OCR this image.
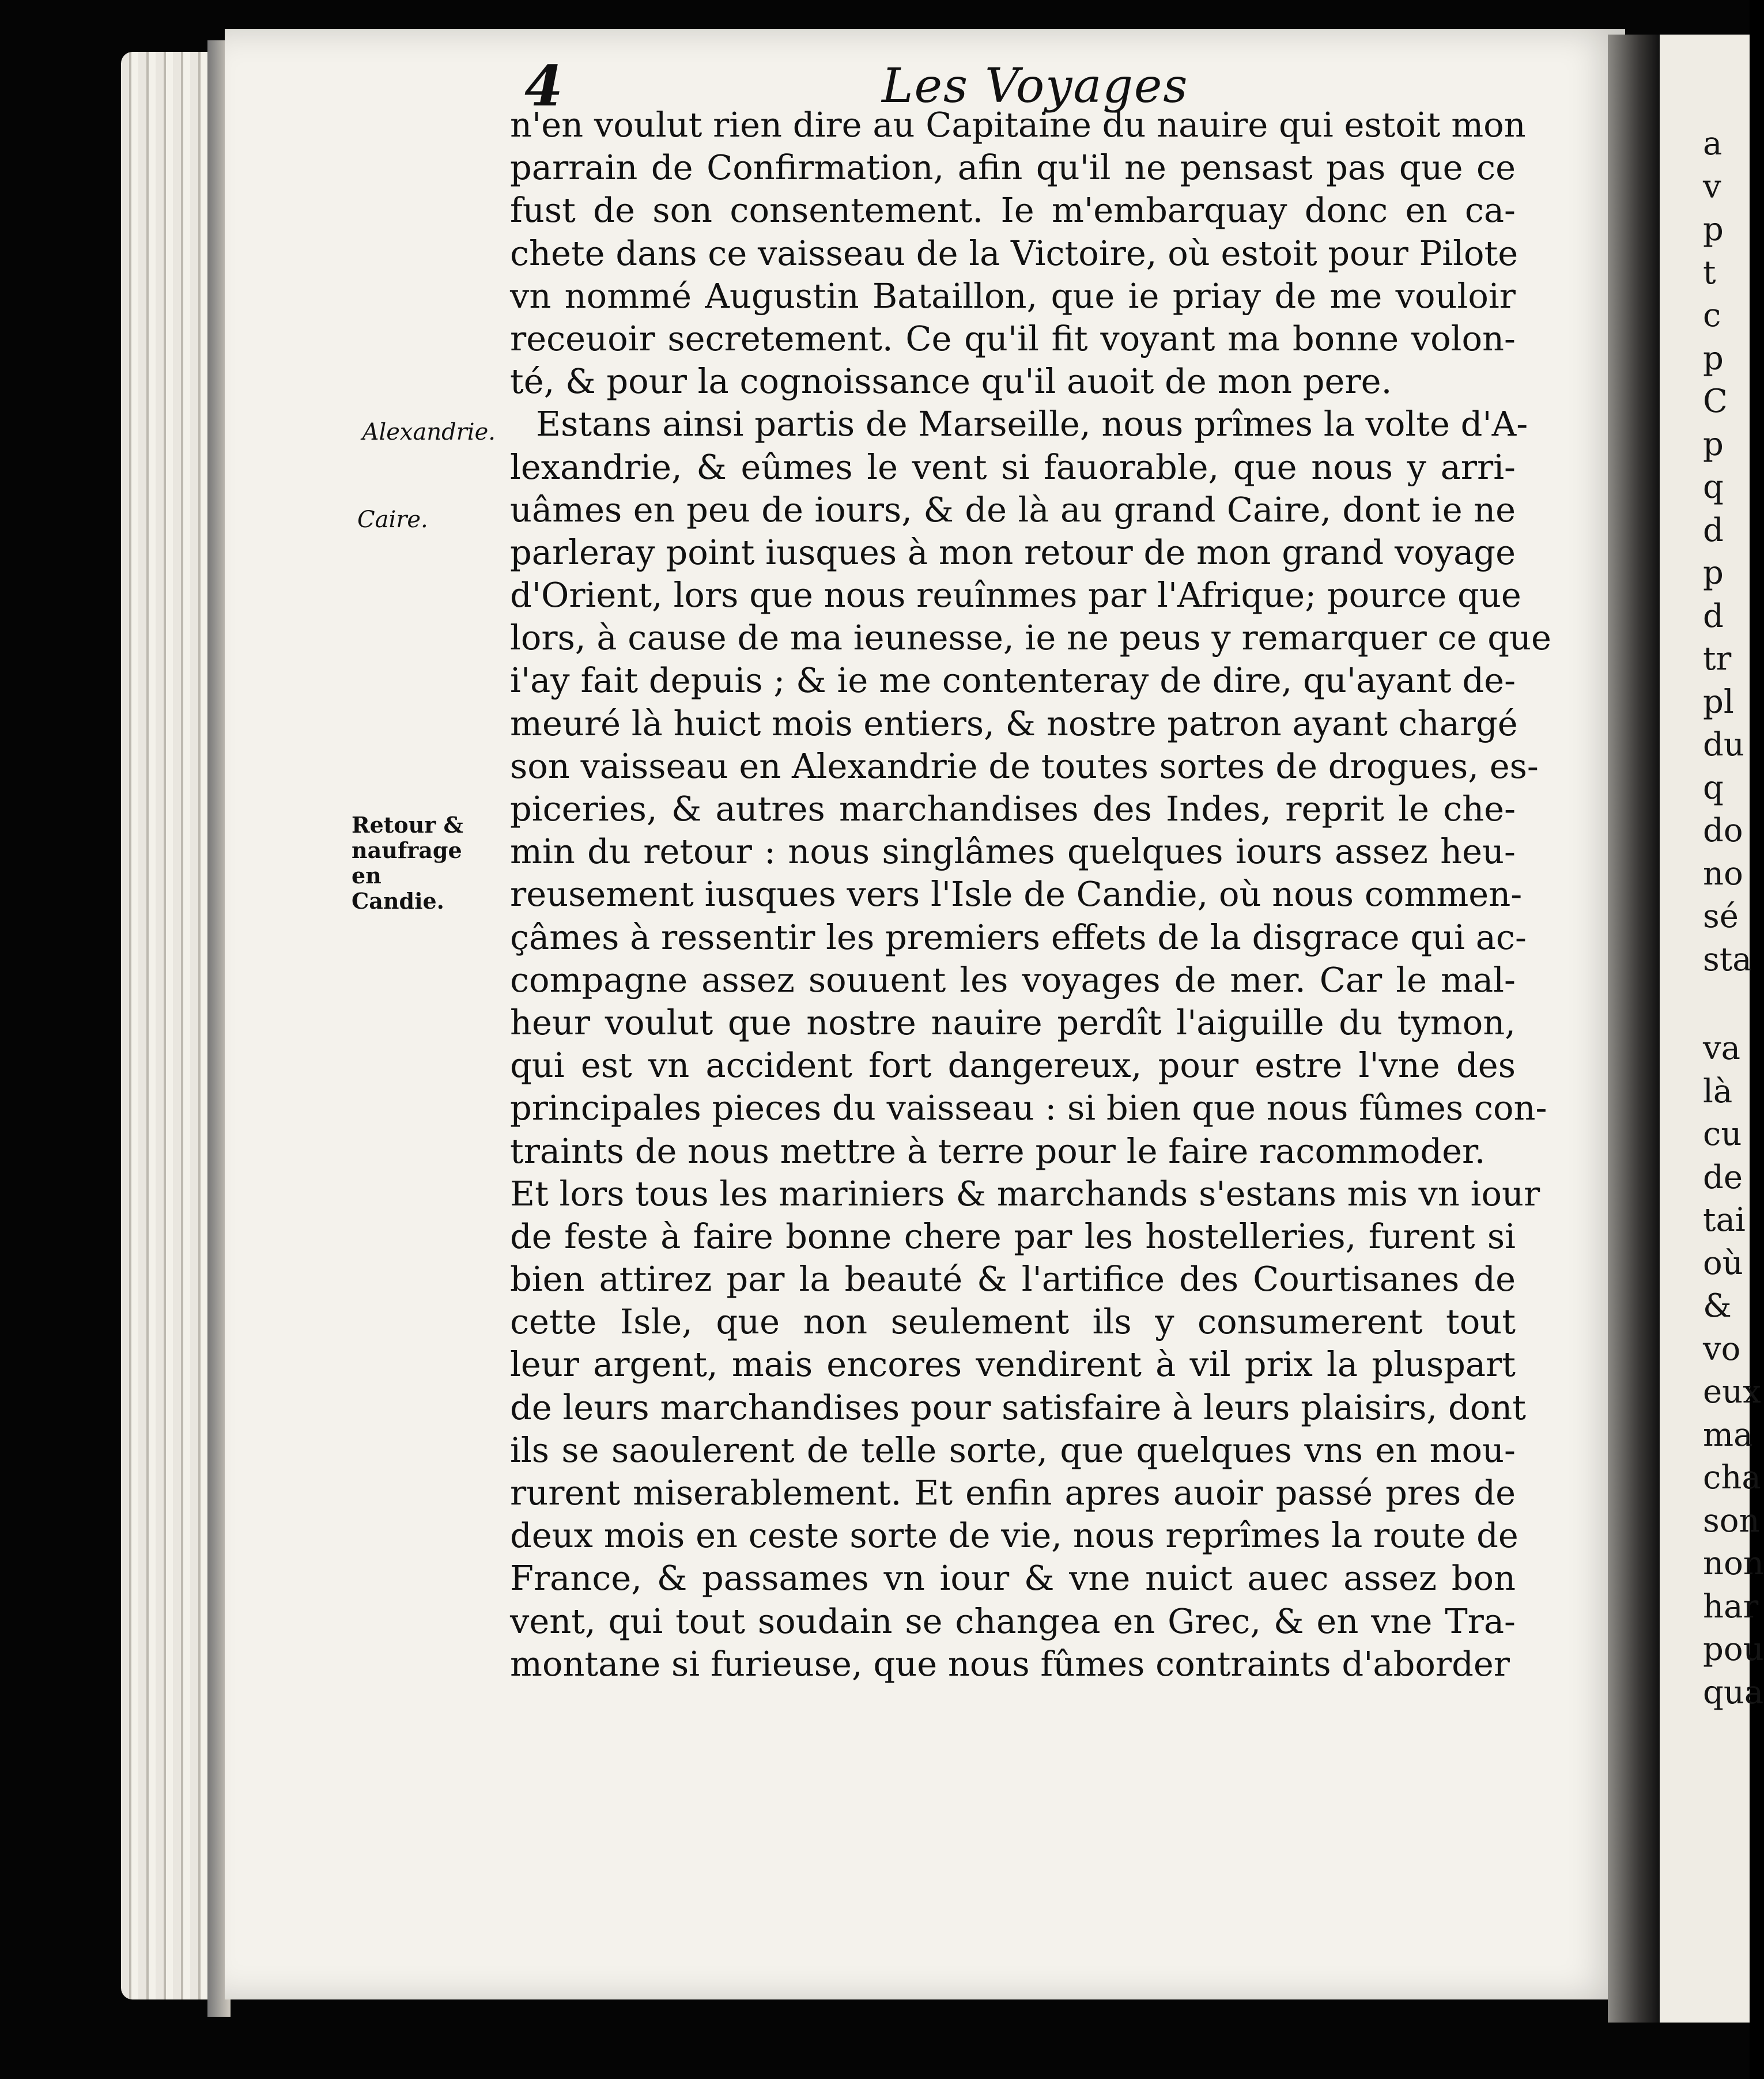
a
v
p
t
c
p
C
p
q
d
p
d
tr
pl
du
q
do
no
sé
sta
va
là
cu
de
tai
où
&
vo
eux
ma
cha
son
non
har
pou
qua
4	Les Voyages
Alexandrie.
Caire.
Retour & naufrage en Candie.
n'en voulut rien dire au Capitaine du nauire qui estoit mon
parrain de Confirmation, afin qu'il ne pensast pas que ce
fust de son consentement. Ie m'embarquay donc en ca-
chete dans ce vaisseau de la Victoire, où estoit pour Pilote
vn nommé Augustin Bataillon, que ie priay de me vouloir
receuoir secretement. Ce qu'il fit voyant ma bonne volon-
té, & pour la cognoissance qu'il auoit de mon pere.
Estans ainsi partis de Marseille, nous prîmes la volte d'A-
lexandrie, & eûmes le vent si fauorable, que nous y arri-
uâmes en peu de iours, & de là au grand Caire, dont ie ne
parleray point iusques à mon retour de mon grand voyage
d'Orient, lors que nous reuînmes par l'Afrique; pource que
lors, à cause de ma ieunesse, ie ne peus y remarquer ce que
i'ay fait depuis ; & ie me contenteray de dire, qu'ayant de-
meuré là huict mois entiers, & nostre patron ayant chargé
son vaisseau en Alexandrie de toutes sortes de drogues, es-
piceries, & autres marchandises des Indes, reprit le che-
min du retour : nous singlâmes quelques iours assez heu-
reusement iusques vers l'Isle de Candie, où nous commen-
çâmes à ressentir les premiers effets de la disgrace qui ac-
compagne assez souuent les voyages de mer. Car le mal-
heur voulut que nostre nauire perdît l'aiguille du tymon,
qui est vn accident fort dangereux, pour estre l'vne des
principales pieces du vaisseau : si bien que nous fûmes con-
traints de nous mettre à terre pour le faire racommoder.
Et lors tous les mariniers & marchands s'estans mis vn iour
de feste à faire bonne chere par les hostelleries, furent si
bien attirez par la beauté & l'artifice des Courtisanes de
cette Isle, que non seulement ils y consumerent tout
leur argent, mais encores vendirent à vil prix la pluspart
de leurs marchandises pour satisfaire à leurs plaisirs, dont
ils se saoulerent de telle sorte, que quelques vns en mou-
rurent miserablement. Et enfin apres auoir passé pres de
deux mois en ceste sorte de vie, nous reprîmes la route de
France, & passames vn iour & vne nuict auec assez bon
vent, qui tout soudain se changea en Grec, & en vne Tra-
montane si furieuse, que nous fûmes contraints d'aborder
